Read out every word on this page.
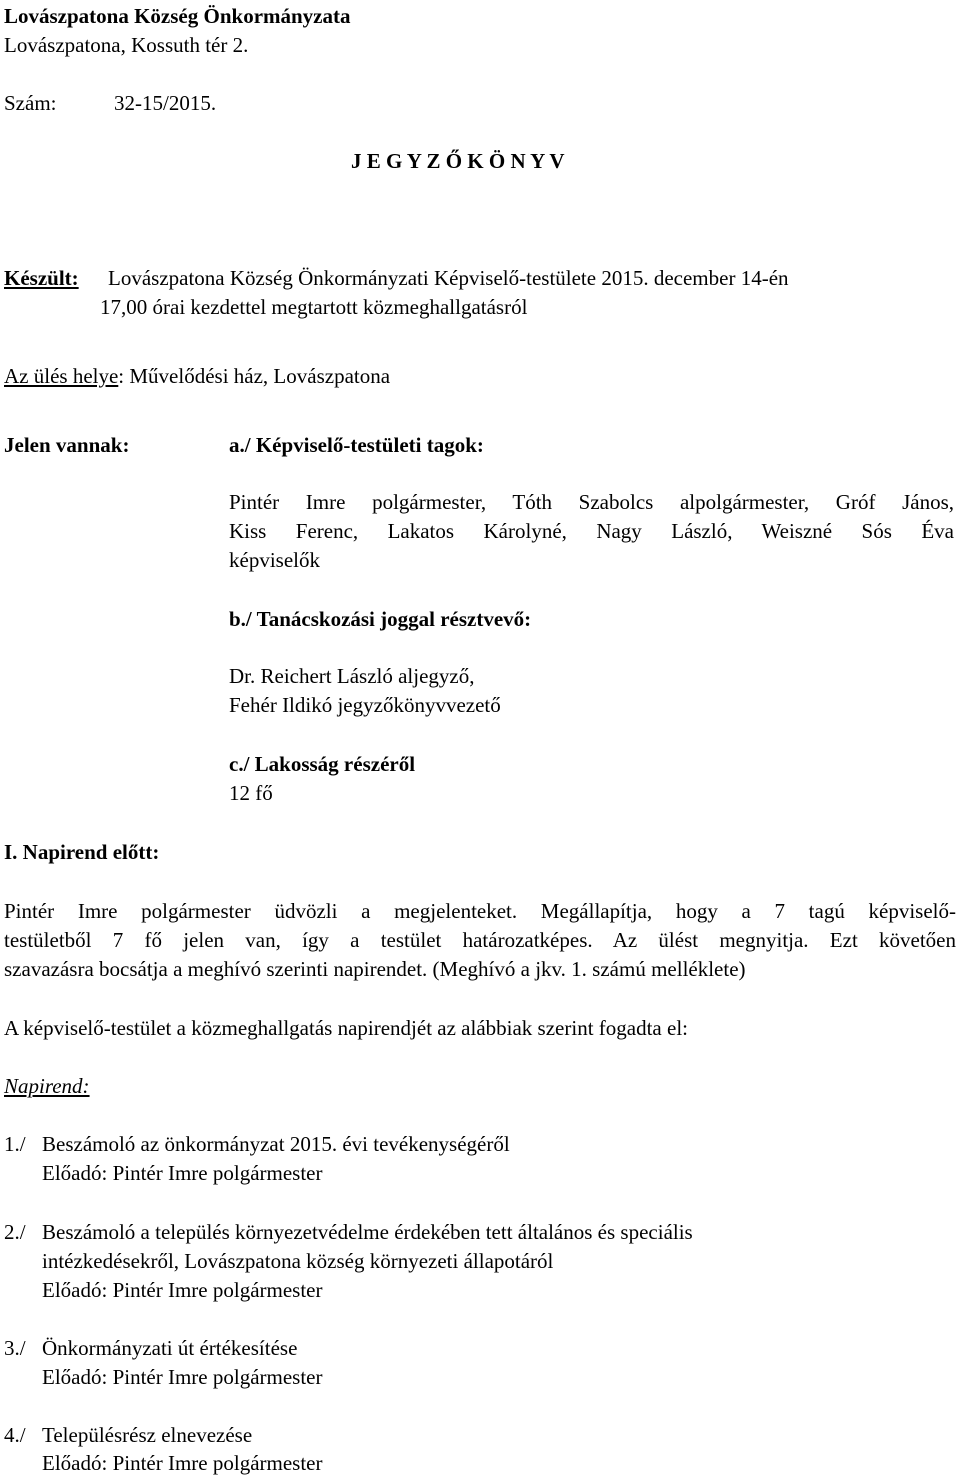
Lovászpatona Község Önkormányzata
Lovászpatona, Kossuth tér 2.
Szám:	32-15/2015.
J E G Y Z Ő K Ö N Y V
Készült: Lovászpatona Község Önkormányzati Képviselő-testülete 2015. december 14-én
17,00 órai kezdettel megtartott közmeghallgatásról
Az ülés helye: Művelődési ház, Lovászpatona
Jelen vannak:	a./ Képviselő-testületi tagok:
Pintér Imre polgármester, Tóth Szabolcs alpolgármester, Gróf János,
Kiss Ferenc, Lakatos Károlyné, Nagy László, Weiszné Sós Éva
képviselők
b./ Tanácskozási joggal résztvevő:
Dr. Reichert László aljegyző,
Fehér Ildikó jegyzőkönyvvezető
c./ Lakosság részéről
12 fő
I. Napirend előtt:
Pintér Imre polgármester üdvözli a megjelenteket. Megállapítja, hogy a 7 tagú képviselő-
testületből 7 fő jelen van, így a testület határozatképes. Az ülést megnyitja. Ezt követően
szavazásra bocsátja a meghívó szerinti napirendet. (Meghívó a jkv. 1. számú melléklete)
A képviselő-testület a közmeghallgatás napirendjét az alábbiak szerint fogadta el:
Napirend:
1./ Beszámoló az önkormányzat 2015. évi tevékenységéről
Előadó: Pintér Imre polgármester
2./ Beszámoló a település környezetvédelme érdekében tett általános és speciális
intézkedésekről, Lovászpatona község környezeti állapotáról
Előadó: Pintér Imre polgármester
3./ Önkormányzati út értékesítése
Előadó: Pintér Imre polgármester
4./ Településrész elnevezése
Előadó: Pintér Imre polgármester
